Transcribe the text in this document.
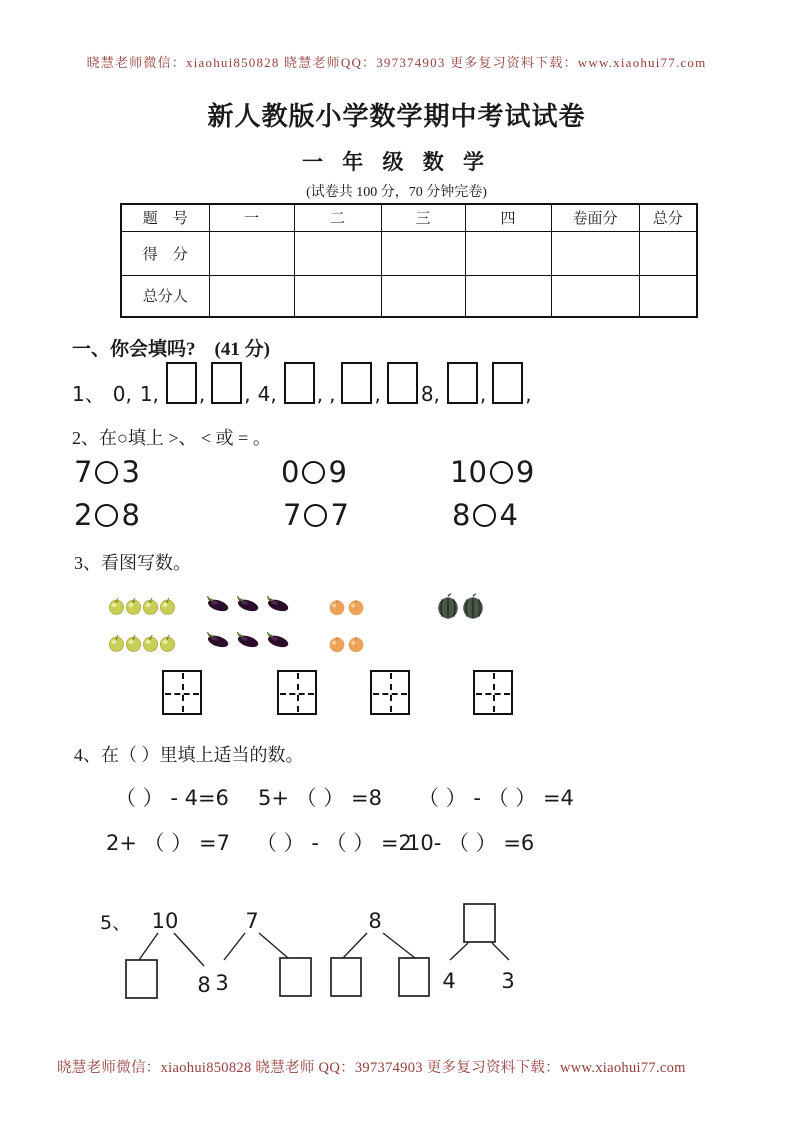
晓慧老师微信：xiaohui850828 晓慧老师QQ：397374903 更多复习资料下载：www.xiaohui77.com
新人教版小学数学期中考试试卷
一 年 级 数 学
(试卷共 100 分，70 分钟完卷)
题　号	一	二	三	四	卷面分	总分
得　分						
总分人						
一、你会填吗?　(41 分)
1、 0, 1, , , 4, , , , 8, , ,
2、在○填上 >、 < 或 = 。
7 3	0 9	10 9
2 8	7 7	8 4
3、看图写数。
4、在（ ）里填上适当的数。
（ ） - 4=6 5+ （ ） =8 （ ） - （ ） =4
2+ （ ） =7 （ ） - （ ） =2
10- （ ） =6
5、 10
8
7
3
8
4 3
晓慧老师微信：xiaohui850828 晓慧老师 QQ：397374903 更多复习资料下载：www.xiaohui77.com
